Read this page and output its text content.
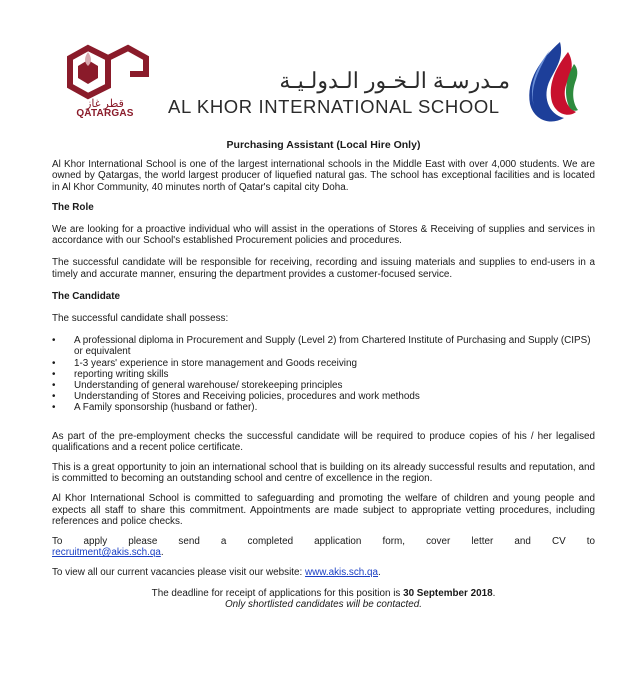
قطر غاز
QATARGAS
مـدرسـة الـخـور الـدولـيـة
AL KHOR INTERNATIONAL SCHOOL

Purchasing Assistant (Local Hire Only)

Al Khor International School is one of the largest international schools in the Middle East with over 4,000 students. We are owned by Qatargas, the world largest producer of liquefied natural gas. The school has exceptional facilities and is located in Al Khor Community, 40 minutes north of Qatar's capital city Doha.

The Role

We are looking for a proactive individual who will assist in the operations of Stores & Receiving of supplies and services in accordance with our School's established Procurement policies and procedures.

The successful candidate will be responsible for receiving, recording and issuing materials and supplies to end-users in a timely and accurate manner, ensuring the department provides a customer-focused service.

The Candidate

The successful candidate shall possess:

• A professional diploma in Procurement and Supply (Level 2) from Chartered Institute of Purchasing and Supply (CIPS) or equivalent
• 1-3 years' experience in store management and Goods receiving
• reporting writing skills
• Understanding of general warehouse/ storekeeping principles
• Understanding of Stores and Receiving policies, procedures and work methods
• A Family sponsorship (husband or father).

As part of the pre-employment checks the successful candidate will be required to produce copies of his / her legalised qualifications and a recent police certificate.

This is a great opportunity to join an international school that is building on its already successful results and reputation, and is committed to becoming an outstanding school and centre of excellence in the region.

Al Khor International School is committed to safeguarding and promoting the welfare of children and young people and expects all staff to share this commitment. Appointments are made subject to appropriate vetting procedures, including references and police checks.

To apply please send a completed application form, cover letter and CV to

recruitment@akis.sch.qa.

To view all our current vacancies please visit our website: www.akis.sch.qa.

The deadline for receipt of applications for this position is 30 September 2018.

Only shortlisted candidates will be contacted.
